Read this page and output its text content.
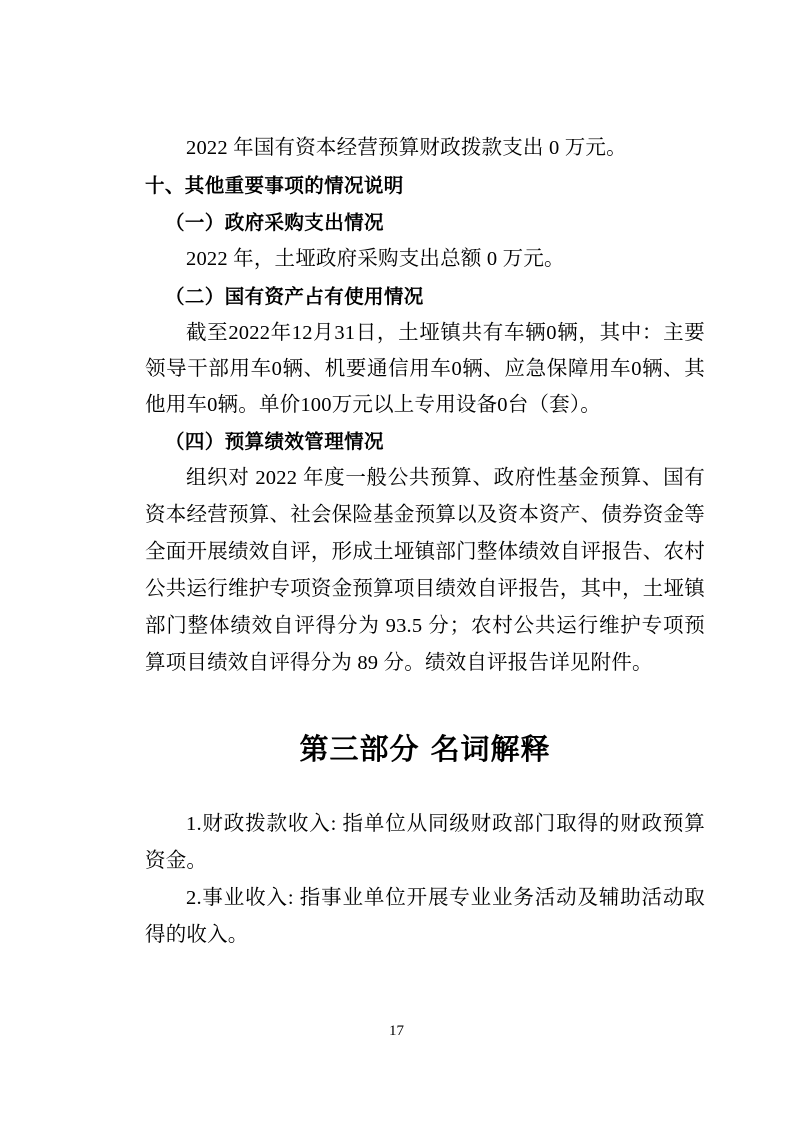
2022 年国有资本经营预算财政拨款支出 0 万元。

十、其他重要事项的情况说明

（一）政府采购支出情况

2022 年，土垭政府采购支出总额 0 万元。

（二）国有资产占有使用情况

截至2022年12月31日，土垭镇共有车辆0辆，其中：主要领导干部用车0辆、机要通信用车0辆、应急保障用车0辆、其他用车0辆。单价100万元以上专用设备0台（套）。

（四）预算绩效管理情况

组织对 2022 年度一般公共预算、政府性基金预算、国有资本经营预算、社会保险基金预算以及资本资产、债券资金等全面开展绩效自评，形成土垭镇部门整体绩效自评报告、农村公共运行维护专项资金预算项目绩效自评报告，其中，土垭镇部门整体绩效自评得分为 93.5 分；农村公共运行维护专项预算项目绩效自评得分为 89 分。绩效自评报告详见附件。

第三部分 名词解释

1.财政拨款收入: 指单位从同级财政部门取得的财政预算资金。

2.事业收入: 指事业单位开展专业业务活动及辅助活动取得的收入。

17
